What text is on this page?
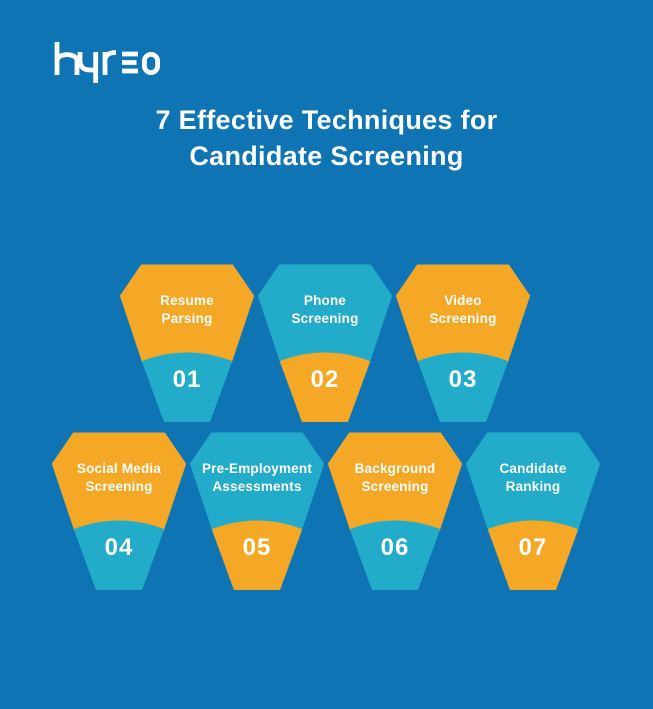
7 Effective Techniques for
Candidate Screening
Resume
Parsing
01
Phone
Screening
02
Video
Screening
03
Social Media
Screening
04
Pre-Employment
Assessments
05
Background
Screening
06
Candidate
Ranking
07
